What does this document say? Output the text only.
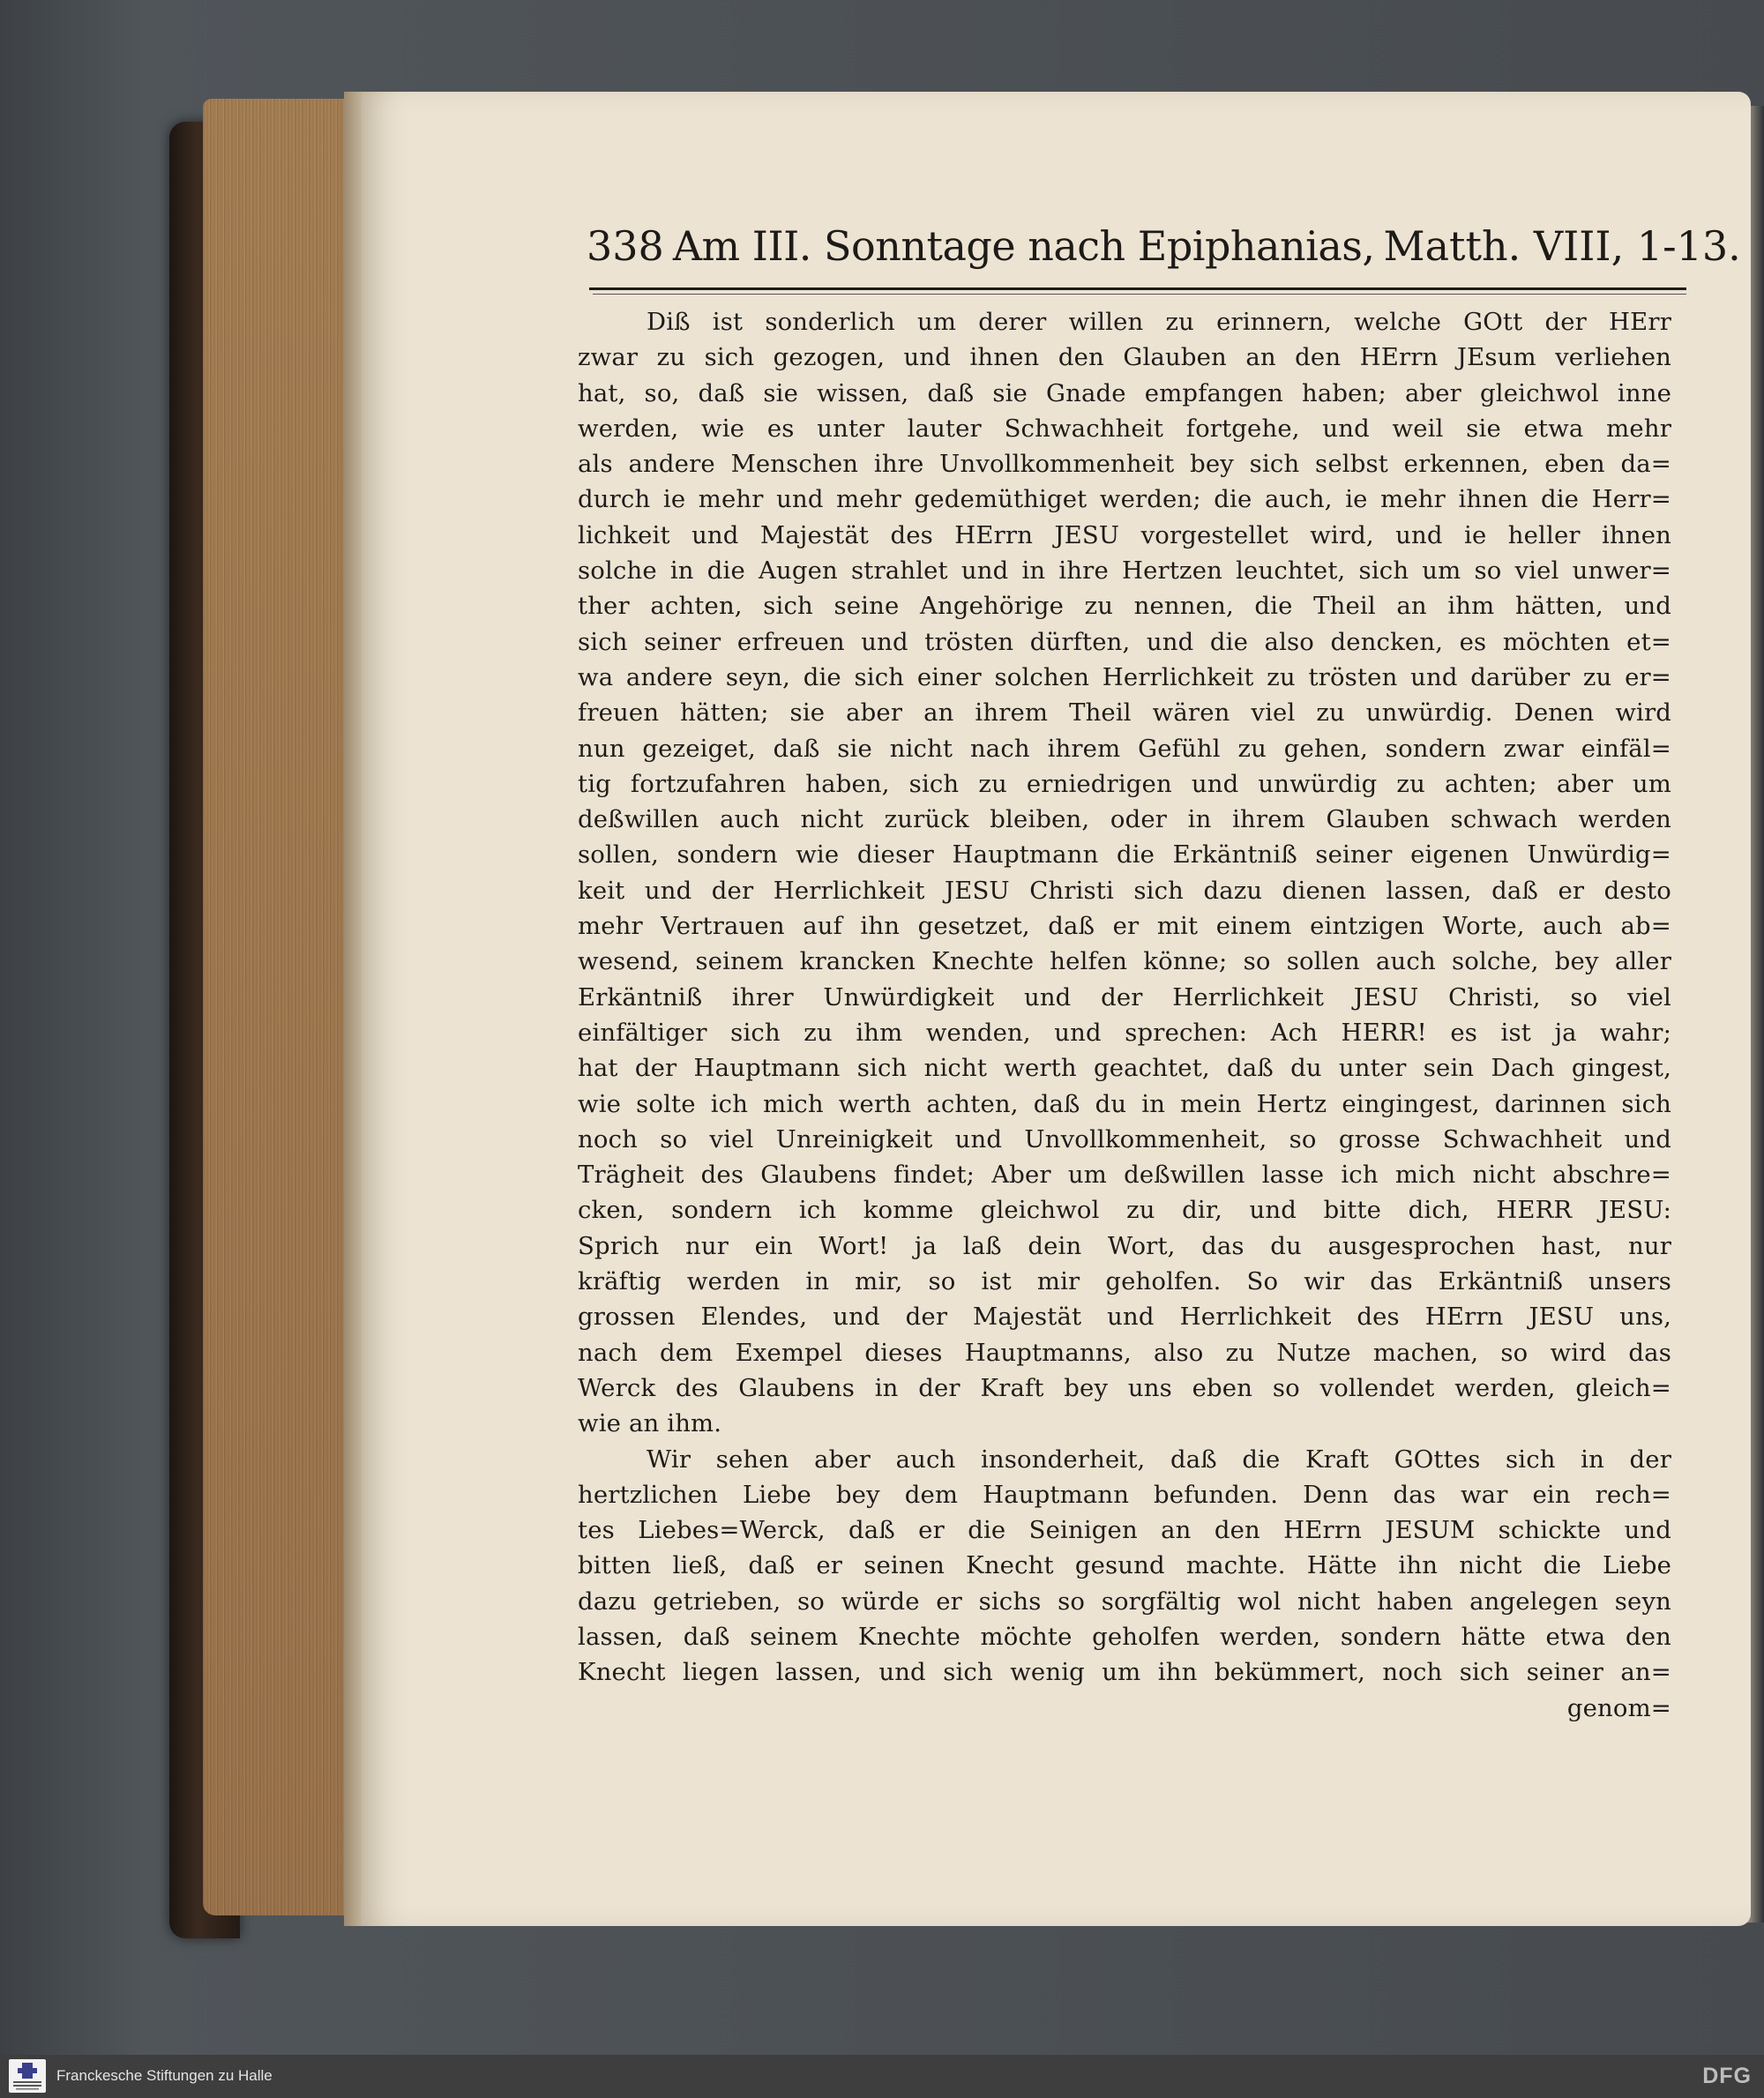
338 Am III. Sonntage nach Epiphanias, Matth. VIII, 1-13.
Diß ist sonderlich um derer willen zu erinnern, welche GOtt der HErr
zwar zu sich gezogen, und ihnen den Glauben an den HErrn JEsum verliehen
hat, so, daß sie wissen, daß sie Gnade empfangen haben; aber gleichwol inne
werden, wie es unter lauter Schwachheit fortgehe, und weil sie etwa mehr
als andere Menschen ihre Unvollkommenheit bey sich selbst erkennen, eben da=
durch ie mehr und mehr gedemüthiget werden; die auch, ie mehr ihnen die Herr=
lichkeit und Majestät des HErrn JESU vorgestellet wird, und ie heller ihnen
solche in die Augen strahlet und in ihre Hertzen leuchtet, sich um so viel unwer=
ther achten, sich seine Angehörige zu nennen, die Theil an ihm hätten, und
sich seiner erfreuen und trösten dürften, und die also dencken, es möchten et=
wa andere seyn, die sich einer solchen Herrlichkeit zu trösten und darüber zu er=
freuen hätten; sie aber an ihrem Theil wären viel zu unwürdig. Denen wird
nun gezeiget, daß sie nicht nach ihrem Gefühl zu gehen, sondern zwar einfäl=
tig fortzufahren haben, sich zu erniedrigen und unwürdig zu achten; aber um
deßwillen auch nicht zurück bleiben, oder in ihrem Glauben schwach werden
sollen, sondern wie dieser Hauptmann die Erkäntniß seiner eigenen Unwürdig=
keit und der Herrlichkeit JESU Christi sich dazu dienen lassen, daß er desto
mehr Vertrauen auf ihn gesetzet, daß er mit einem eintzigen Worte, auch ab=
wesend, seinem krancken Knechte helfen könne; so sollen auch solche, bey aller
Erkäntniß ihrer Unwürdigkeit und der Herrlichkeit JESU Christi, so viel
einfältiger sich zu ihm wenden, und sprechen: Ach HERR! es ist ja wahr;
hat der Hauptmann sich nicht werth geachtet, daß du unter sein Dach gingest,
wie solte ich mich werth achten, daß du in mein Hertz eingingest, darinnen sich
noch so viel Unreinigkeit und Unvollkommenheit, so grosse Schwachheit und
Trägheit des Glaubens findet; Aber um deßwillen lasse ich mich nicht abschre=
cken, sondern ich komme gleichwol zu dir, und bitte dich, HERR JESU:
Sprich nur ein Wort! ja laß dein Wort, das du ausgesprochen hast, nur
kräftig werden in mir, so ist mir geholfen. So wir das Erkäntniß unsers
grossen Elendes, und der Majestät und Herrlichkeit des HErrn JESU uns,
nach dem Exempel dieses Hauptmanns, also zu Nutze machen, so wird das
Werck des Glaubens in der Kraft bey uns eben so vollendet werden, gleich=
wie an ihm.
Wir sehen aber auch insonderheit, daß die Kraft GOttes sich in der
hertzlichen Liebe bey dem Hauptmann befunden. Denn das war ein rech=
tes Liebes=Werck, daß er die Seinigen an den HErrn JESUM schickte und
bitten ließ, daß er seinen Knecht gesund machte. Hätte ihn nicht die Liebe
dazu getrieben, so würde er sichs so sorgfältig wol nicht haben angelegen seyn
lassen, daß seinem Knechte möchte geholfen werden, sondern hätte etwa den
Knecht liegen lassen, und sich wenig um ihn bekümmert, noch sich seiner an=
genom=
Franckesche Stiftungen zu Halle	DFG
